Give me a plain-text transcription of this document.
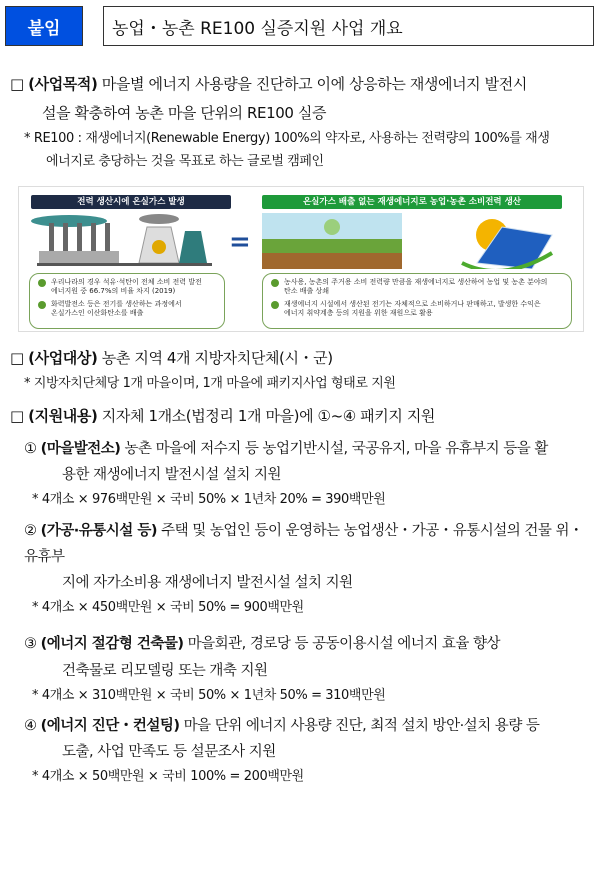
붙임	농업・농촌 RE100 실증지원 사업 개요
□ (사업목적) 마을별 에너지 사용량을 진단하고 이에 상응하는 재생에너지 발전시
설을 확충하여 농촌 마을 단위의 RE100 실증
* RE100 : 재생에너지(Renewable Energy) 100%의 약자로, 사용하는 전력량의 100%를 재생
에너지로 충당하는 것을 목표로 하는 글로벌 캠페인
전력 생산시에 온실가스 발생	온실가스 배출 없는 재생에너지로 농업·농촌 소비전력 생산
=
우리나라의 경우 석유·석탄이 전체 소비 전력 발전 에너지원 중 66.7%의 비율 차지 (2019)
화력발전소 등은 전기를 생산하는 과정에서 온실가스인 이산화탄소를 배출
농사용, 농촌의 주거용 소비 전력량 만큼을 재생에너지로 생산하여 농업 및 농촌 분야의 탄소 배출 상쇄
재생에너지 시설에서 생산된 전기는 자체적으로 소비하거나 판매하고, 발생한 수익은 에너지 취약계층 등의 지원을 위한 재원으로 활용
□ (사업대상) 농촌 지역 4개 지방자치단체(시・군)
* 지방자치단체당 1개 마을이며, 1개 마을에 패키지사업 형태로 지원
□ (지원내용) 지자체 1개소(법정리 1개 마을)에 ①~④ 패키지 지원
① (마을발전소) 농촌 마을에 저수지 등 농업기반시설, 국공유지, 마을 유휴부지 등을 활
용한 재생에너지 발전시설 설치 지원
* 4개소 × 976백만원 × 국비 50% × 1년차 20% = 390백만원
② (가공·유통시설 등) 주택 및 농업인 등이 운영하는 농업생산・가공・유통시설의 건물 위・유휴부
지에 자가소비용 재생에너지 발전시설 설치 지원
* 4개소 × 450백만원 × 국비 50% = 900백만원
③ (에너지 절감형 건축물) 마을회관, 경로당 등 공동이용시설 에너지 효율 향상
건축물로 리모델링 또는 개축 지원
* 4개소 × 310백만원 × 국비 50% × 1년차 50% = 310백만원
④ (에너지 진단・컨설팅) 마을 단위 에너지 사용량 진단, 최적 설치 방안·설치 용량 등
도출, 사업 만족도 등 설문조사 지원
* 4개소 × 50백만원 × 국비 100% = 200백만원
